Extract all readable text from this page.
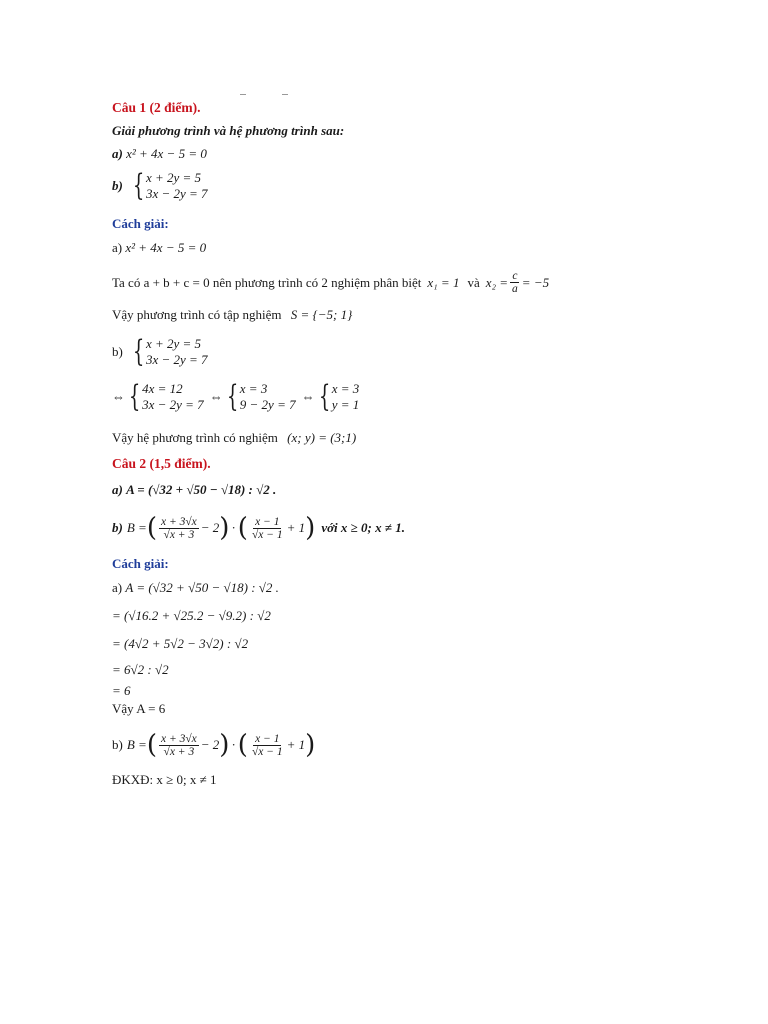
Câu 1 (2 điểm).
Giải phương trình và hệ phương trình sau:
a) x² + 4x − 5 = 0
b) { x + 2y = 5
3x − 2y = 7
Cách giải:
a) x² + 4x − 5 = 0
Ta có a + b + c = 0 nên phương trình có 2 nghiệm phân biệt x₁ = 1 và $x_2 = \frac{c}{a} = -5$
Vậy phương trình có tập nghiệm S = {−5; 1}
b) { x + 2y = 5
3x − 2y = 7
⇔ { 4x = 12
3x − 2y = 7
⇔ { x = 3
9 − 2y = 7
⇔ { x = 3
y = 1
Vậy hệ phương trình có nghiệm (x; y) = (3;1)
Câu 2 (1,5 điểm).
a) A = (√32 + √50 − √18) : √2 .
b) B = ( $\frac{x + 3√x}{√x + 3} - 2$ ) · ( $\frac{x - 1}{√x - 1} + 1$ ) với x ≥ 0; x ≠ 1.
Cách giải:
a) A = (√32 + √50 − √18) : √2 .
= (√16.2 + √25.2 − √9.2) : √2
= (4√2 + 5√2 − 3√2) : √2
= 6√2 : √2
= 6
Vậy A = 6
b) B = ( $\frac{x + 3√x}{√x + 3} - 2$ ) · ( $\frac{x - 1}{√x - 1} + 1$ )
ĐKXĐ: x ≥ 0; x ≠ 1
